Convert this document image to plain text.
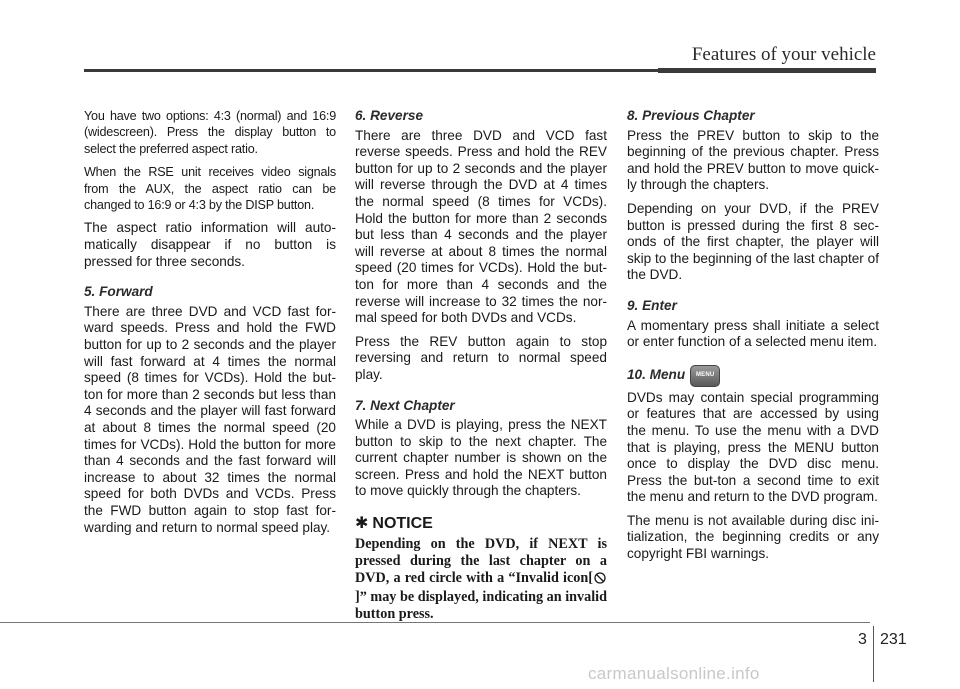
Features of your vehicle

You have two options: 4:3 (normal) and 16:9 (widescreen). Press the display button to select the preferred aspect ratio.

When the RSE unit receives video signals from the AUX, the aspect ratio can be changed to 16:9 or 4:3 by the DISP button.

The aspect ratio information will auto-matically disappear if no button is pressed for three seconds.

5. Forward

There are three DVD and VCD fast for-ward speeds. Press and hold the FWD button for up to 2 seconds and the player will fast forward at 4 times the normal speed (8 times for VCDs). Hold the but-ton for more than 2 seconds but less than 4 seconds and the player will fast forward at about 8 times the normal speed (20 times for VCDs). Hold the button for more than 4 seconds and the fast forward will increase to about 32 times the normal speed for both DVDs and VCDs. Press the FWD button again to stop fast for-warding and return to normal speed play.

6. Reverse

There are three DVD and VCD fast reverse speeds. Press and hold the REV button for up to 2 seconds and the player will reverse through the DVD at 4 times the normal speed (8 times for VCDs). Hold the button for more than 2 seconds but less than 4 seconds and the player will reverse at about 8 times the normal speed (20 times for VCDs). Hold the but-ton for more than 4 seconds and the reverse will increase to 32 times the nor-mal speed for both DVDs and VCDs.

Press the REV button again to stop reversing and return to normal speed play.

7. Next Chapter

While a DVD is playing, press the NEXT button to skip to the next chapter. The current chapter number is shown on the screen. Press and hold the NEXT button to move quickly through the chapters.

✱ NOTICE

Depending on the DVD, if NEXT is pressed during the last chapter on a DVD, a red circle with a “Invalid icon[]” may be displayed, indicating an invalid button press.

8. Previous Chapter

Press the PREV button to skip to the beginning of the previous chapter. Press and hold the PREV button to move quick-ly through the chapters.

Depending on your DVD, if the PREV button is pressed during the first 8 sec-onds of the first chapter, the player will skip to the beginning of the last chapter of the DVD.

9. Enter

A momentary press shall initiate a select or enter function of a selected menu item.

10. Menu	MENU

DVDs may contain special programming or features that are accessed by using the menu. To use the menu with a DVD that is playing, press the MENU button once to display the DVD disc menu. Press the but-ton a second time to exit the menu and return to the DVD program.

The menu is not available during disc ini-tialization, the beginning credits or any copyright FBI warnings.

3 231
carmanualsonline.info
